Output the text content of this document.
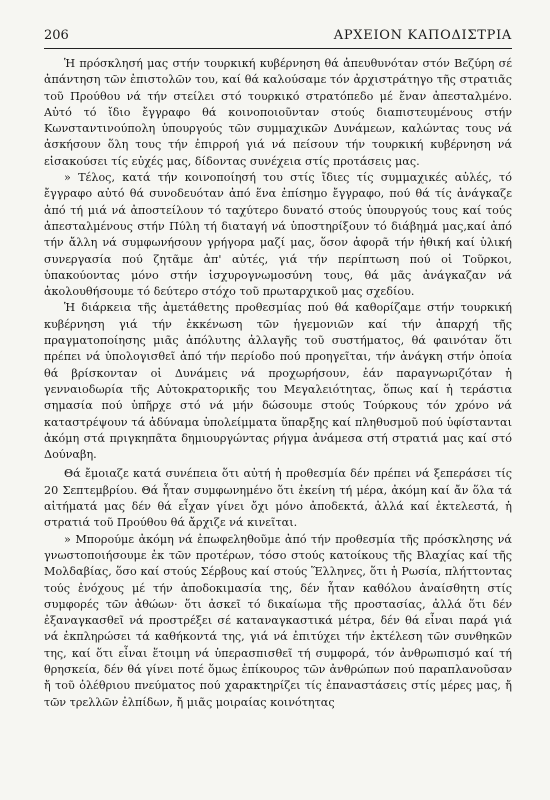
206	ΑΡΧΕΙΟΝ ΚΑΠΟΔΙΣΤΡΙΑ

Ἡ πρόσκλησή μας στήν τουρκική κυβέρνηση θά ἀπευθυνόταν στόν Βεζύρη σέ ἀπάντηση τῶν ἐπιστολῶν του, καί θά καλούσαμε τόν ἀρχιστράτηγο τῆς στρατιᾶς τοῦ Προύθου νά τήν στείλει στό τουρκικό στρατόπεδο μέ ἕναν ἀπεσταλμένο. Αὐτό τό ἴδιο ἔγγραφο θά κοινοποιοῦνταν στούς διαπιστευμένους στήν Κωνσταντινούπολη ὑπουργούς τῶν συμμαχικῶν Δυνάμεων, καλώντας τους νά ἀσκήσουν ὅλη τους τήν ἐπιρροή γιά νά πείσουν τήν τουρκική κυβέρνηση νά εἰσακούσει τίς εὐχές μας, δίδοντας συνέχεια στίς προτάσεις μας.

» Τέλος, κατά τήν κοινοποίησή του στίς ἴδιες τίς συμμαχικές αὐλές, τό ἔγγραφο αὐτό θά συνοδευόταν ἀπό ἕνα ἐπίσημο ἔγγραφο, πού θά τίς ἀνάγκαζε ἀπό τή μιά νά ἀποστείλουν τό ταχύτερο δυνατό στούς ὑπουργούς τους καί τούς ἀπεσταλμένους στήν Πύλη τή διαταγή νά ὑποστηρίξουν τό διάβημά μας,καί ἀπό τήν ἄλλη νά συμφωνήσουν γρήγορα μαζί μας, ὅσον ἀφορᾶ τήν ἠθική καί ὑλική συνεργασία πού ζητᾶμε ἀπ' αὐτές, γιά τήν περίπτωση πού οἱ Τοῦρκοι, ὑπακούοντας μόνο στήν ἰσχυρογνωμοσύνη τους, θά μᾶς ἀνάγκαζαν νά ἀκολουθήσουμε τό δεύτερο στόχο τοῦ πρωταρχικοῦ μας σχεδίου.

Ἡ διάρκεια τῆς ἀμετάθετης προθεσμίας πού θά καθορίζαμε στήν τουρκική κυβέρνηση γιά τήν ἐκκένωση τῶν ἡγεμονιῶν καί τήν ἀπαρχή τῆς πραγματοποίησης μιᾶς ἀπόλυτης ἀλλαγῆς τοῦ συστήματος, θά φαινόταν ὅτι πρέπει νά ὑπολογισθεῖ ἀπό τήν περίοδο πού προηγεῖται, τήν ἀνάγκη στήν ὁποία θά βρίσκονταν οἱ Δυνάμεις νά προχωρήσουν, ἐάν παραγνωριζόταν ἡ γενναιοδωρία τῆς Αὐτοκρατορικῆς του Μεγαλειότητας, ὅπως καί ἡ τεράστια σημασία πού ὑπῆρχε στό νά μήν δώσουμε στούς Τούρκους τόν χρόνο νά καταστρέψουν τά ἀδύναμα ὑπολείμματα ὕπαρξης καί πληθυσμοῦ πού ὑφίστανται ἀκόμη στά πριγκηπᾶτα δημιουργώντας ρήγμα ἀνάμεσα στή στρατιά μας καί στό Δούναβη.

Θά ἔμοιαζε κατά συνέπεια ὅτι αὐτή ἡ προθεσμία δέν πρέπει νά ξεπεράσει τίς 20 Σεπτεμβρίου. Θά ἦταν συμφωνημένο ὅτι ἐκείνη τή μέρα, ἀκόμη καί ἄν ὅλα τά αἰτήματά μας δέν θά εἶχαν γίνει ὄχι μόνο ἀποδεκτά, ἀλλά καί ἐκτελεστά, ἡ στρατιά τοῦ Προύθου θά ἄρχιζε νά κινεῖται.

» Μπορούμε ἀκόμη νά ἐπωφεληθοῦμε ἀπό τήν προθεσμία τῆς πρόσκλησης νά γνωστοποιήσουμε ἐκ τῶν προτέρων, τόσο στούς κατοίκους τῆς Βλαχίας καί τῆς Μολδαβίας, ὅσο καί στούς Σέρβους καί στούς Ἕλληνες, ὅτι ἡ Ρωσία, πλήττοντας τούς ἐνόχους μέ τήν ἀποδοκιμασία της, δέν ἦταν καθόλου ἀναίσθητη στίς συμφορές τῶν ἀθώων· ὅτι ἀσκεῖ τό δικαίωμα τῆς προστασίας, ἀλλά ὅτι δέν ἐξαναγκασθεῖ νά προστρέξει σέ καταναγκαστικά μέτρα, δέν θά εἶναι παρά γιά νά ἐκπληρώσει τά καθήκοντά της, γιά νά ἐπιτύχει τήν ἐκτέλεση τῶν συνθηκῶν της, καί ὅτι εἶναι ἕτοιμη νά ὑπερασπισθεῖ τή συμφορά, τόν ἀνθρωπισμό καί τή θρησκεία, δέν θά γίνει ποτέ ὅμως ἐπίκουρος τῶν ἀνθρώπων πού παραπλανοῦσαν ἤ τοῦ ὀλέθριου πνεύματος πού χαρακτηρίζει τίς ἐπαναστάσεις στίς μέρες μας, ἤ τῶν τρελλῶν ἐλπίδων, ἤ μιᾶς μοιραίας κοινότητας
